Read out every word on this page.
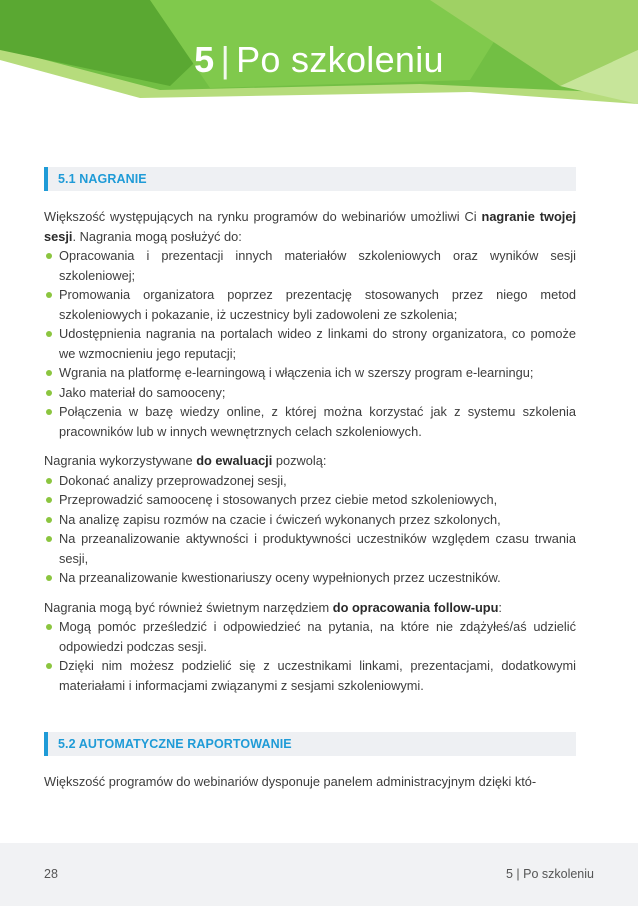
5 | Po szkoleniu
5.1 NAGRANIE

Większość występujących na rynku programów do webinariów umożliwi Ci nagranie twojej sesji. Nagrania mogą posłużyć do:

Opracowania i prezentacji innych materiałów szkoleniowych oraz wyników sesji szkoleniowej;
Promowania organizatora poprzez prezentację stosowanych przez niego metod szkoleniowych i pokazanie, iż uczestnicy byli zadowoleni ze szkolenia;
Udostępnienia nagrania na portalach wideo z linkami do strony organizatora, co pomoże we wzmocnieniu jego reputacji;
Wgrania na platformę e-learningową i włączenia ich w szerszy program e-learningu;
Jako materiał do samooceny;
Połączenia w bazę wiedzy online, z której można korzystać jak z systemu szkolenia pracowników lub w innych wewnętrznych celach szkoleniowych.

Nagrania wykorzystywane do ewaluacji pozwolą:

Dokonać analizy przeprowadzonej sesji,
Przeprowadzić samoocenę i stosowanych przez ciebie metod szkoleniowych,
Na analizę zapisu rozmów na czacie i ćwiczeń wykonanych przez szkolonych,
Na przeanalizowanie aktywności i produktywności uczestników względem czasu trwania sesji,
Na przeanalizowanie kwestionariuszy oceny wypełnionych przez uczestników.

Nagrania mogą być również świetnym narzędziem do opracowania follow-upu:

Mogą pomóc prześledzić i odpowiedzieć na pytania, na które nie zdążyłeś/aś udzielić odpowiedzi podczas sesji.
Dzięki nim możesz podzielić się z uczestnikami linkami, prezentacjami, dodatkowymi materiałami i informacjami związanymi z sesjami szkoleniowymi.
5.2 AUTOMATYCZNE RAPORTOWANIE

Większość programów do webinariów dysponuje panelem administracyjnym dzięki któ-

28	5 | Po szkoleniu
